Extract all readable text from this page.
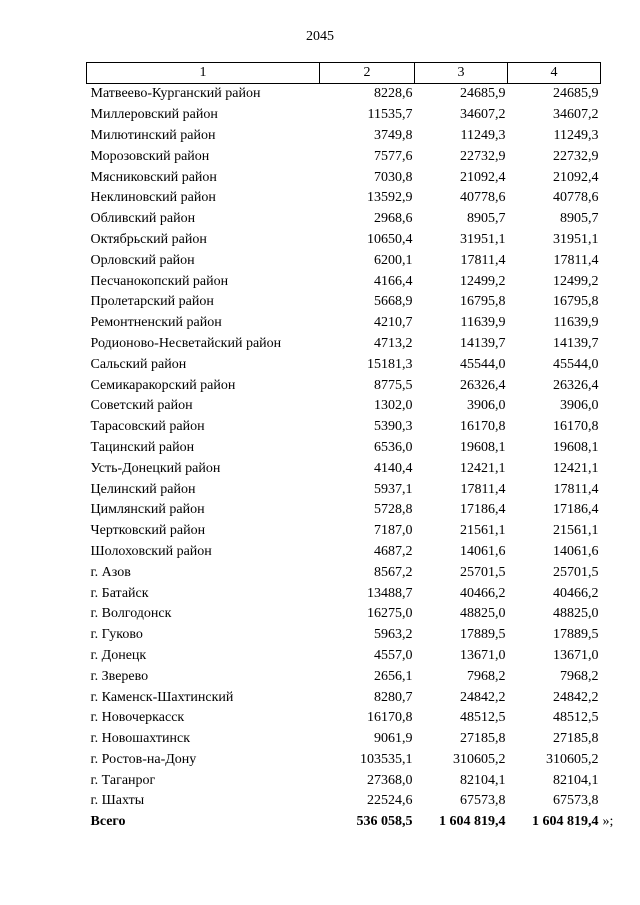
2045
1	2	3	4
Матвеево-Курганский район	8228,6	24685,9	24685,9
Миллеровский район	11535,7	34607,2	34607,2
Милютинский район	3749,8	11249,3	11249,3
Морозовский район	7577,6	22732,9	22732,9
Мясниковский район	7030,8	21092,4	21092,4
Неклиновский район	13592,9	40778,6	40778,6
Обливский район	2968,6	8905,7	8905,7
Октябрьский район	10650,4	31951,1	31951,1
Орловский район	6200,1	17811,4	17811,4
Песчанокопский район	4166,4	12499,2	12499,2
Пролетарский район	5668,9	16795,8	16795,8
Ремонтненский район	4210,7	11639,9	11639,9
Родионово-Несветайский район	4713,2	14139,7	14139,7
Сальский район	15181,3	45544,0	45544,0
Семикаракорский район	8775,5	26326,4	26326,4
Советский район	1302,0	3906,0	3906,0
Тарасовский район	5390,3	16170,8	16170,8
Тацинский район	6536,0	19608,1	19608,1
Усть-Донецкий район	4140,4	12421,1	12421,1
Целинский район	5937,1	17811,4	17811,4
Цимлянский район	5728,8	17186,4	17186,4
Чертковский район	7187,0	21561,1	21561,1
Шолоховский район	4687,2	14061,6	14061,6
г. Азов	8567,2	25701,5	25701,5
г. Батайск	13488,7	40466,2	40466,2
г. Волгодонск	16275,0	48825,0	48825,0
г. Гуково	5963,2	17889,5	17889,5
г. Донецк	4557,0	13671,0	13671,0
г. Зверево	2656,1	7968,2	7968,2
г. Каменск-Шахтинский	8280,7	24842,2	24842,2
г. Новочеркасск	16170,8	48512,5	48512,5
г. Новошахтинск	9061,9	27185,8	27185,8
г. Ростов-на-Дону	103535,1	310605,2	310605,2
г. Таганрог	27368,0	82104,1	82104,1
г. Шахты	22524,6	67573,8	67573,8
Всего	536 058,5	1 604 819,4	1 604 819,4 »;
